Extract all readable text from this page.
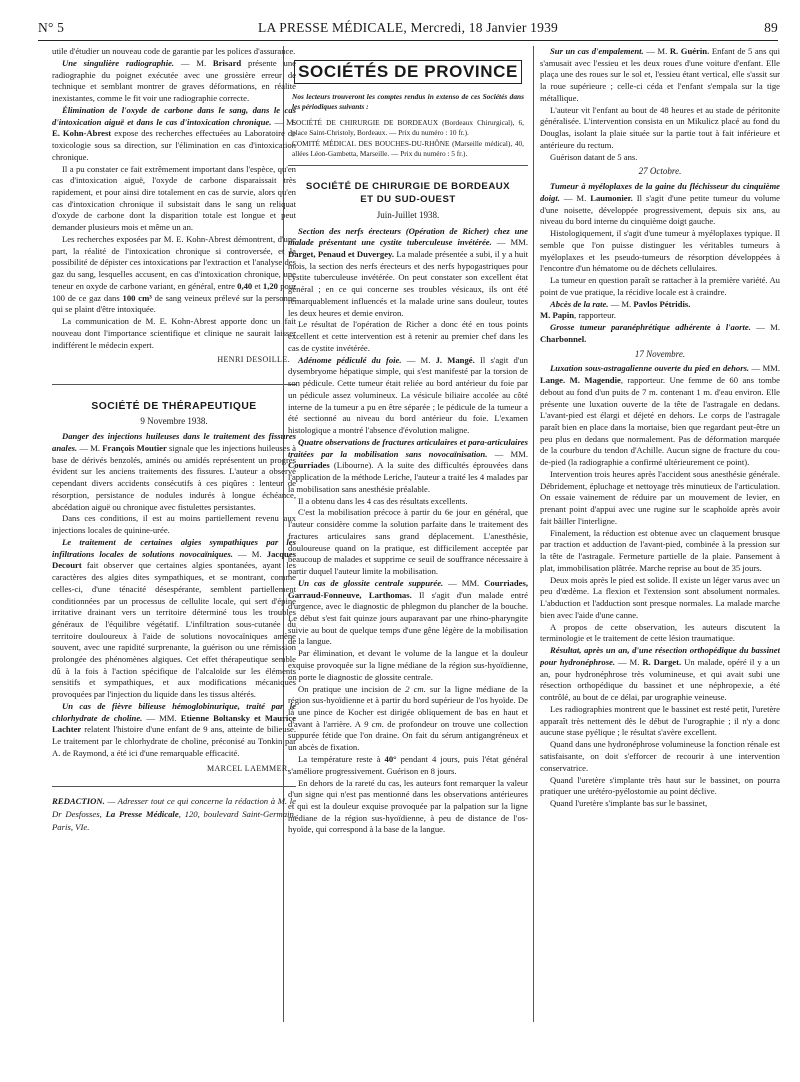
N° 5	LA PRESSE MÉDICALE, Mercredi, 18 Janvier 1939	89

utile d'étudier un nouveau code de garantie par les polices d'assurance.

Une singulière radiographie. — M. Brisard présente une radiographie du poignet exécutée avec une grossière erreur de technique et semblant montrer de graves déformations, en réalité inexistantes, comme le fit voir une radiographie correcte.

Élimination de l'oxyde de carbone dans le sang, dans le cas d'intoxication aiguë et dans le cas d'intoxication chronique. — M. E. Kohn-Abrest expose des recherches effectuées au Laboratoire de toxicologie sous sa direction, sur l'élimination en cas d'intoxication chronique.

Il a pu constater ce fait extrêmement important dans l'espèce, qu'en cas d'intoxication aiguë, l'oxyde de carbone disparaissait très rapidement, et pour ainsi dire totalement en cas de survie, alors qu'en cas d'intoxication chronique il subsistait dans le sang un reliquat d'oxyde de carbone dont la disparition totale est longue et peut demander plusieurs mois et même un an.

Les recherches exposées par M. E. Kohn-Abrest démontrent, d'une part, la réalité de l'intoxication chronique si controversée, et la possibilité de dépister ces intoxications par l'extraction et l'analyse des gaz du sang, lesquelles accusent, en cas d'intoxication chronique, une teneur en oxyde de carbone variant, en général, entre 0,40 et 1,20 pour 100 de ce gaz dans 100 cm³ de sang veineux prélevé sur la personne qui se plaint d'être intoxiquée.

La communication de M. E. Kohn-Abrest apporte donc un fait nouveau dont l'importance scientifique et clinique ne saurait laisser indifférent le médecin expert.

HENRI DESOILLE.

SOCIÉTÉ DE THÉRAPEUTIQUE

9 Novembre 1938.

Danger des injections huileuses dans le traitement des fissures anales. — M. François Moutier signale que les injections huileuses à base de dérivés benzolés, aminés ou amidés représentent un progrès évident sur les anciens traitements des fissures. L'auteur a observé cependant divers accidents consécutifs à ces piqûres : lenteur de résorption, persistance de nodules indurés à longue échéance, abcédation aiguë ou chronique avec fistulettes persistantes.

Dans ces conditions, il est au moins partiellement revenu aux injections locales de quinine-urée.

Le traitement de certaines algies sympathiques par les infiltrations locales de solutions novocaïniques. — M. Jacques Decourt fait observer que certaines algies spontanées, ayant les caractères des algies dites sympathiques, et se montrant, comme celles-ci, d'une ténacité désespérante, semblent partiellement conditionnées par un processus de cellulite locale, qui sert d'épine irritative drainant vers un territoire déterminé tous les troubles généraux de l'équilibre végétatif. L'infiltration sous-cutanée du territoire douloureux à l'aide de solutions novocaïniques amène souvent, avec une rapidité surprenante, la guérison ou une rémission prolongée des phénomènes algiques. Cet effet thérapeutique semble dû à la fois à l'action spécifique de l'alcaloïde sur les éléments sensitifs et sympathiques, et aux modifications mécaniques provoquées par l'injection du liquide dans les tissus altérés.

Un cas de fièvre bilieuse hémoglobinurique, traité par le chlorhydrate de choline. — MM. Etienne Boltansky et Maurice Lachter relatent l'histoire d'une enfant de 9 ans, atteinte de bilieuse. Le traitement par le chlorhydrate de choline, préconisé au Tonkin par A. de Raymond, a été ici d'une remarquable efficacité.

MARCEL LAEMMER.

REDACTION. — Adresser tout ce qui concerne la rédaction à M. le Dr Desfosses, La Presse Médicale, 120, boulevard Saint-Germain, Paris, VIe.

SOCIÉTÉS DE PROVINCE

Nos lecteurs trouveront les comptes rendus in extenso de ces Sociétés dans les périodiques suivants :

SOCIÉTÉ DE CHIRURGIE DE BORDEAUX (Bordeaux Chirurgical), 6, place Saint-Christoly, Bordeaux. — Prix du numéro : 10 fr.).

COMITÉ MÉDICAL DES BOUCHES-DU-RHÔNE (Marseille médical), 40, allées Léon-Gambetta, Marseille. — Prix du numéro : 5 fr.).

SOCIÉTÉ DE CHIRURGIE DE BORDEAUX
ET DU SUD-OUEST

Juin-Juillet 1938.

Section des nerfs érecteurs (Opération de Richer) chez une malade présentant une cystite tuberculeuse invétérée. — MM. Darget, Penaud et Duvergey. La malade présentée a subi, il y a huit mois, la section des nerfs érecteurs et des nerfs hypogastriques pour cystite tuberculeuse invétérée. On peut constater son excellent état général ; en ce qui concerne ses troubles vésicaux, ils ont été remarquablement influencés et la malade urine sans douleur, toutes les deux heures et demie environ.

Le résultat de l'opération de Richer a donc été en tous points excellent et cette intervention est à retenir au premier chef dans les cas de cystite invétérée.

Adénome pédiculé du foie. — M. J. Mangé. Il s'agit d'un dysembryome hépatique simple, qui s'est manifesté par la torsion de son pédicule. Cette tumeur était reliée au bord antérieur du foie par un pédicule assez volumineux. La vésicule biliaire accolée au côté interne de la tumeur a pu en être séparée ; le pédicule de la tumeur a été sectionné au niveau du bord antérieur du foie. L'examen histologique a montré l'absence d'évolution maligne.

Quatre observations de fractures articulaires et para-articulaires traitées par la mobilisation sans novocaïnisation. — MM. Courriades (Libourne). A la suite des difficultés éprouvées dans l'application de la méthode Leriche, l'auteur a traité les 4 malades par la mobilisation sans anesthésie préalable.

Il a obtenu dans les 4 cas des résultats excellents.

C'est la mobilisation précoce à partir du 6e jour en général, que l'auteur considère comme la solution parfaite dans le traitement des fractures articulaires sans grand déplacement. L'anesthésie, douloureuse quand on la pratique, est difficilement acceptée par beaucoup de malades et supprime ce seuil de souffrance nécessaire à partir duquel l'auteur limite la mobilisation.

Un cas de glossite centrale suppurée. — MM. Courriades, Garraud-Fonneuve, Larthomas. Il s'agit d'un malade entré d'urgence, avec le diagnostic de phlegmon du plancher de la bouche. Le début s'est fait quinze jours auparavant par une rhino-pharyngite suivie au bout de quelque temps d'une gêne légère de la mobilisation de la langue.

Par élimination, et devant le volume de la langue et la douleur exquise provoquée sur la ligne médiane de la région sus-hyoïdienne, on porte le diagnostic de glossite centrale.

On pratique une incision de 2 cm. sur la ligne médiane de la région sus-hyoïdienne et à partir du bord supérieur de l'os hyoïde. De là une pince de Kocher est dirigée obliquement de bas en haut et d'avant à l'arrière. A 9 cm. de profondeur on trouve une collection suppurée fétide que l'on draine. On fait du sérum antigangréneux et un abcès de fixation.

La température reste à 40° pendant 4 jours, puis l'état général s'améliore progressivement. Guérison en 8 jours.

En dehors de la rareté du cas, les auteurs font remarquer la valeur d'un signe qui n'est pas mentionné dans les observations antérieures et qui est la douleur exquise provoquée par la palpation sur la ligne médiane de la région sus-hyoïdienne, à peu de distance de l'os-hyoïde, qui correspond à la base de la langue.

Sur un cas d'empalement. — M. R. Guérin. Enfant de 5 ans qui s'amusait avec l'essieu et les deux roues d'une voiture d'enfant. Elle plaça une des roues sur le sol et, l'essieu étant vertical, elle s'assit sur la roue supérieure ; celle-ci céda et l'enfant s'empala sur la tige métallique.

L'auteur vit l'enfant au bout de 48 heures et au stade de péritonite généralisée. L'intervention consista en un Mikulicz placé au fond du Douglas, isolant la plaie située sur la partie tout à fait inférieure et antérieure du rectum.

Guérison datant de 5 ans.

27 Octobre.

Tumeur à myéloplaxes de la gaine du fléchisseur du cinquième doigt. — M. Laumonier. Il s'agit d'une petite tumeur du volume d'une noisette, développée progressivement, depuis six ans, au niveau du bord interne du cinquième doigt gauche.

Histologiquement, il s'agit d'une tumeur à myéloplaxes typique. Il semble que l'on puisse distinguer les véritables tumeurs à myéloplaxes et les pseudo-tumeurs de résorption développées à l'encontre d'un hématome ou de déchets cellulaires.

La tumeur en question paraît se rattacher à la première variété. Au point de vue pratique, la récidive locale est à craindre.

Abcès de la rate. — M. Pavlos Pétridis.
M. Papin, rapporteur.

Grosse tumeur paranéphrétique adhérente à l'aorte. — M. Charbonnel.

17 Novembre.

Luxation sous-astragalienne ouverte du pied en dehors. — MM. Lange. M. Magendie, rapporteur. Une femme de 60 ans tombe debout au fond d'un puits de 7 m. contenant 1 m. d'eau environ. Elle présente une luxation ouverte de la tête de l'astragale en dedans. L'avant-pied est élargi et déjeté en dehors. Le corps de l'astragale paraît bien en place dans la mortaise, bien que regardant peut-être un peu plus en dedans que normalement. Pas de déformation marquée de la courbure du tendon d'Achille. Aucun signe de fracture du cou-de-pied (la radiographie a confirmé ultérieurement ce point).

Intervention trois heures après l'accident sous anesthésie générale. Débridement, épluchage et nettoyage très minutieux de l'articulation. On essaie vainement de réduire par un mouvement de levier, en prenant point d'appui avec une rugine sur le scaphoïde après avoir fait bâiller l'interligne.

Finalement, la réduction est obtenue avec un claquement brusque par traction et adduction de l'avant-pied, combinée à la pression sur la tête de l'astragale. Fermeture partielle de la plaie. Pansement à plat, immobilisation plâtrée. Marche reprise au bout de 35 jours.

Deux mois après le pied est solide. Il existe un léger varus avec un peu d'œdème. La flexion et l'extension sont absolument normales. L'abduction et l'adduction sont presque normales. La malade marche bien avec l'aide d'une canne.

A propos de cette observation, les auteurs discutent la terminologie et le traitement de cette lésion traumatique.

Résultat, après un an, d'une résection orthopédique du bassinet pour hydronéphrose. — M. R. Darget. Un malade, opéré il y a un an, pour hydronéphrose très volumineuse, et qui avait subi une résection orthopédique du bassinet et une néphropexie, a été contrôlé, au bout de ce délai, par urographie veineuse.

Les radiographies montrent que le bassinet est resté petit, l'uretère apparaît très nettement dès le début de l'urographie ; il n'y a donc aucune stase pyélique ; le résultat s'avère excellent.

Quand dans une hydronéphrose volumineuse la fonction rénale est satisfaisante, on doit s'efforcer de recourir à une intervention conservatrice.

Quand l'uretère s'implante très haut sur le bassinet, on pourra pratiquer une urétéro-pyélostomie au point déclive.

Quand l'uretère s'implante bas sur le bassinet,
